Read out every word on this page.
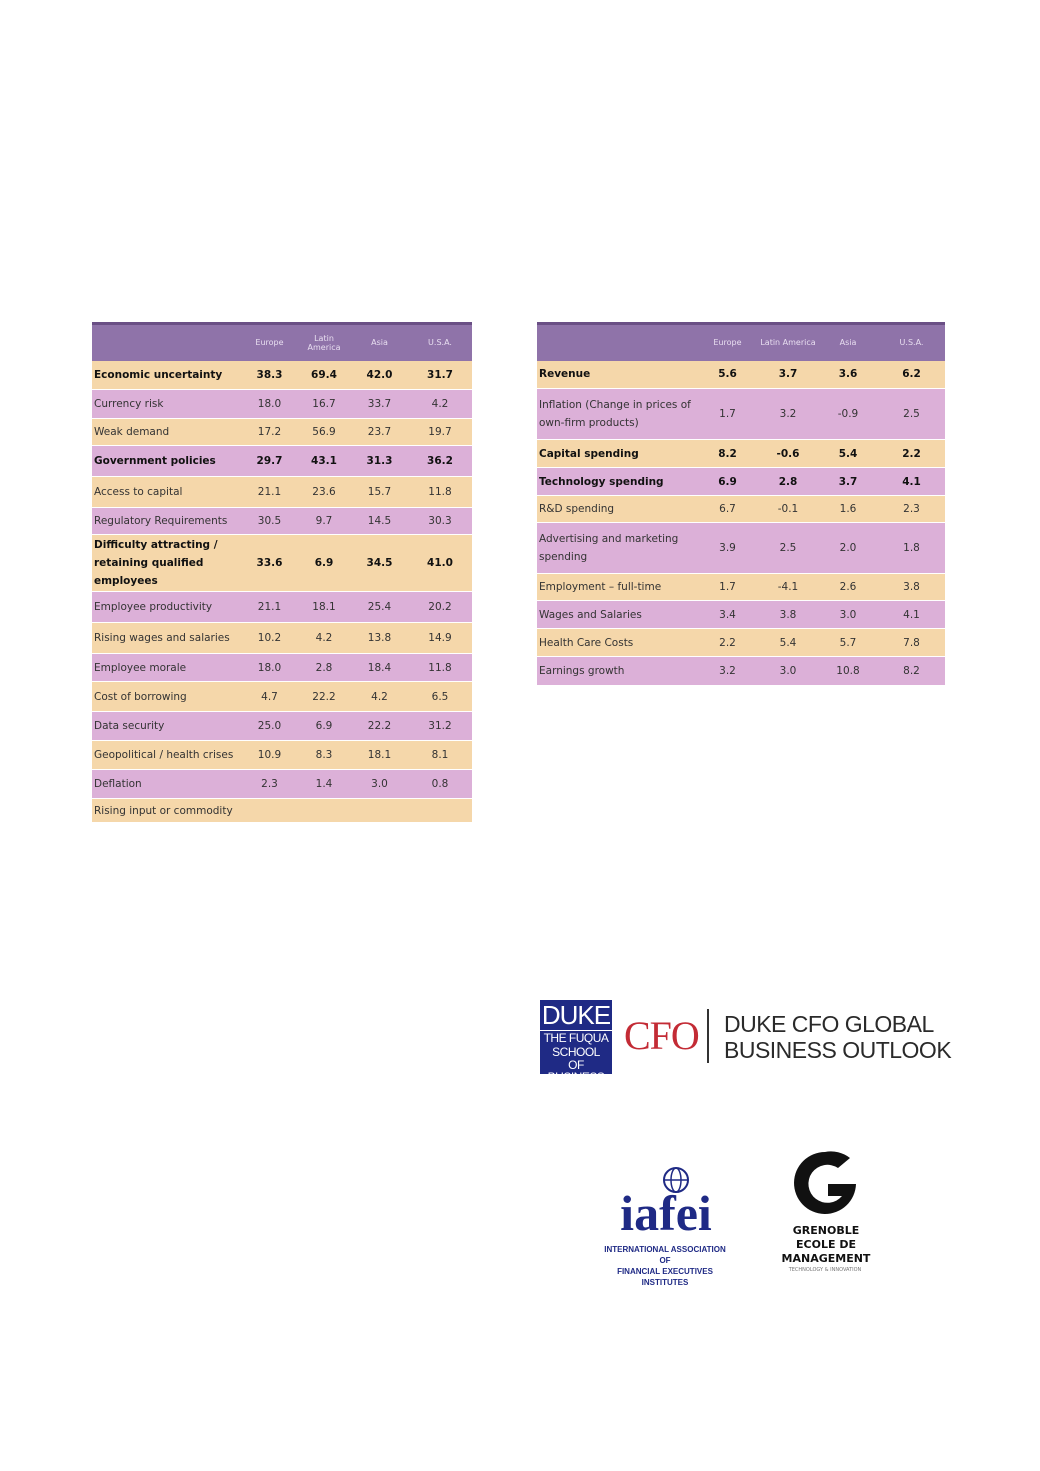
	Europe	Latin America	Asia	U.S.A.
Economic uncertainty	38.3	69.4	42.0	31.7
Currency risk	18.0	16.7	33.7	4.2
Weak demand	17.2	56.9	23.7	19.7
Government policies	29.7	43.1	31.3	36.2
Access to capital	21.1	23.6	15.7	11.8
Regulatory Requirements	30.5	9.7	14.5	30.3
Difficulty attracting / retaining qualified employees	33.6	6.9	34.5	41.0
Employee productivity	21.1	18.1	25.4	20.2
Rising wages and salaries	10.2	4.2	13.8	14.9
Employee morale	18.0	2.8	18.4	11.8
Cost of borrowing	4.7	22.2	4.2	6.5
Data security	25.0	6.9	22.2	31.2
Geopolitical / health crises	10.9	8.3	18.1	8.1
Deflation	2.3	1.4	3.0	0.8
Rising input or commodity				
	Europe	Latin America	Asia	U.S.A.
Revenue	5.6	3.7	3.6	6.2
Inflation (Change in prices of own-firm products)	1.7	3.2	-0.9	2.5
Capital spending	8.2	-0.6	5.4	2.2
Technology spending	6.9	2.8	3.7	4.1
R&D spending	6.7	-0.1	1.6	2.3
Advertising and marketing spending	3.9	2.5	2.0	1.8
Employment – full-time	1.7	-4.1	2.6	3.8
Wages and Salaries	3.4	3.8	3.0	4.1
Health Care Costs	2.2	5.4	5.7	7.8
Earnings growth	3.2	3.0	10.8	8.2
DUKE
THE FUQUA
SCHOOL
OF BUSINESS
CFO DUKE CFO GLOBAL
BUSINESS OUTLOOK
iafei
INTERNATIONAL ASSOCIATION OF
FINANCIAL EXECUTIVES INSTITUTES
GRENOBLE
ECOLE DE
MANAGEMENT
TECHNOLOGY & INNOVATION
